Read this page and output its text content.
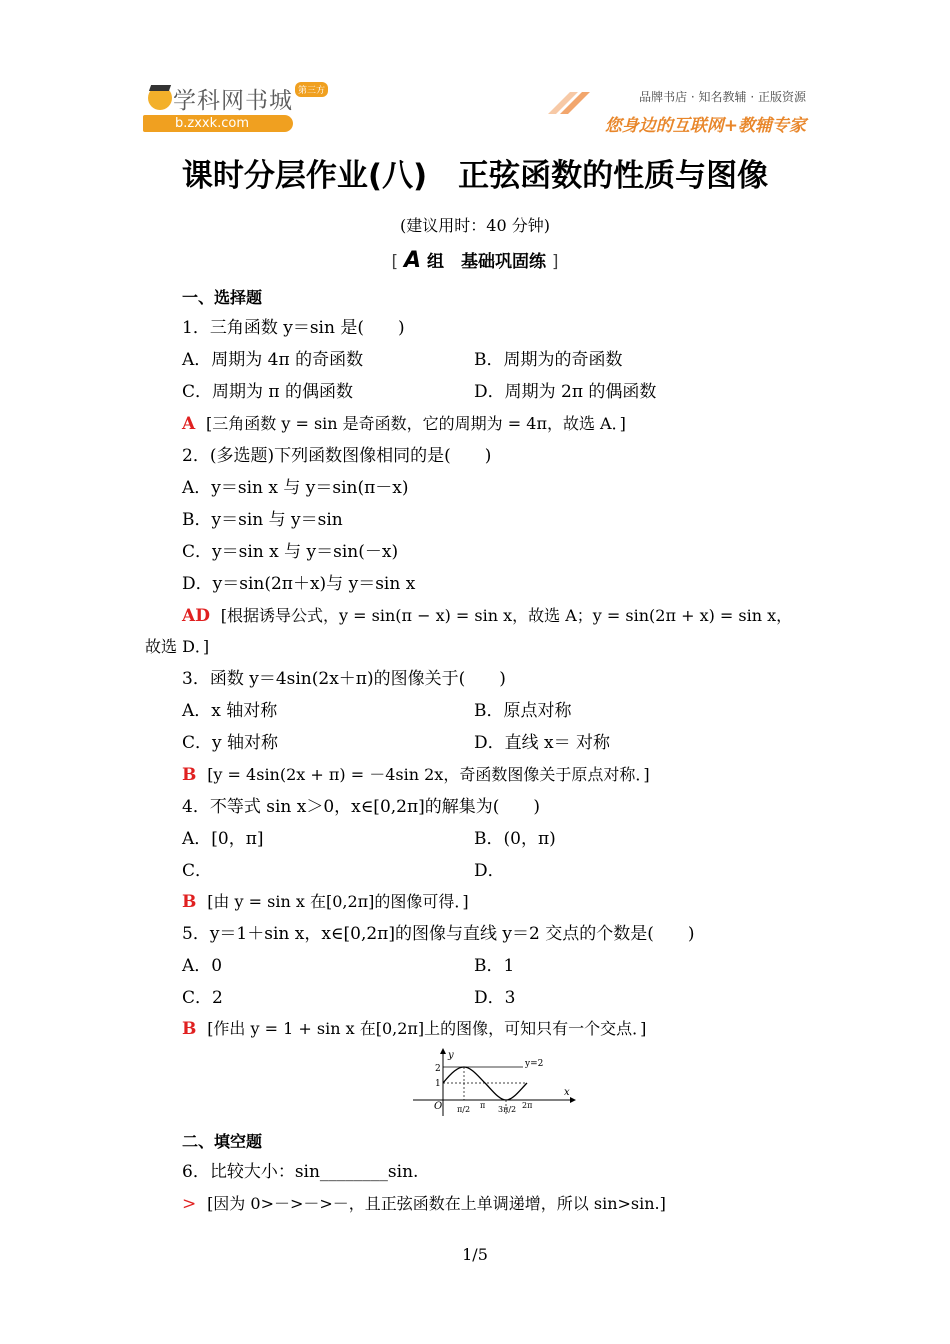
学科网书城 第三方
b.zxxk.com
品牌书店 · 知名教辅 · 正版资源
您身边的互联网+教辅专家
课时分层作业(八)　正弦函数的性质与图像
(建议用时：40 分钟)
[ A 组　基础巩固练 ]
一、选择题
1．三角函数 y＝sin 是(　　)
A．周期为 4π 的奇函数	B．周期为的奇函数
C．周期为 π 的偶函数	D．周期为 2π 的偶函数
A [三角函数 y = sin 是奇函数，它的周期为 = 4π，故选 A．]
2．(多选题)下列函数图像相同的是(　　)
A．y＝sin x 与 y＝sin(π－x)
B．y＝sin 与 y＝sin
C．y＝sin x 与 y＝sin(－x)
D．y＝sin(2π＋x)与 y＝sin x
AD [根据诱导公式，y = sin(π − x) = sin x，故选 A；y = sin(2π + x) = sin x，
故选 D．]
3．函数 y＝4sin(2x＋π)的图像关于(　　)
A．x 轴对称	B．原点对称
C．y 轴对称	D．直线 x＝ 对称
B [y = 4sin(2x + π) = －4sin 2x，奇函数图像关于原点对称．]
4．不等式 sin x＞0，x∈[0,2π]的解集为(　　)
A．[0，π]	B．(0，π)
C．	D．
B [由 y = sin x 在[0,2π]的图像可得．]
5．y＝1＋sin x，x∈[0,2π]的图像与直线 y＝2 交点的个数是(　　)
A．0	B．1
C．2	D．3
B [作出 y = 1 + sin x 在[0,2π]上的图像，可知只有一个交点．]
y
x
O
y=2
2
1
π/2 π 3π/2 2π
二、填空题
6．比较大小：sin________sin.
> [因为 0>－>－>－，且正弦函数在上单调递增，所以 sin>sin.]
1/5
